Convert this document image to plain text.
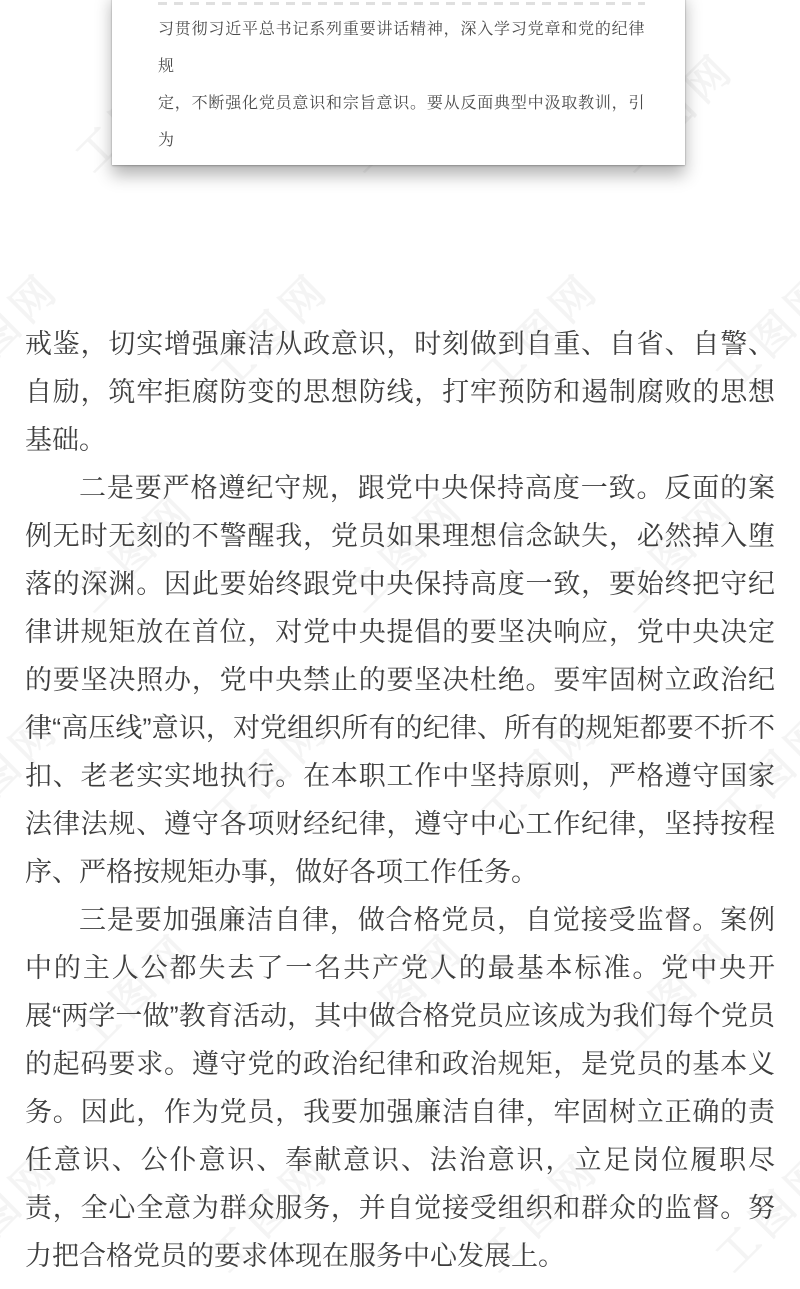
习贯彻习近平总书记系列重要讲话精神，深入学习党章和党的纪律规
定，不断强化党员意识和宗旨意识。要从反面典型中汲取教训，引为

戒鉴，切实增强廉洁从政意识，时刻做到自重、自省、自警、自励，筑牢拒腐防变的思想防线，打牢预防和遏制腐败的思想基础。

二是要严格遵纪守规，跟党中央保持高度一致。反面的案例无时无刻的不警醒我，党员如果理想信念缺失，必然掉入堕落的深渊。因此要始终跟党中央保持高度一致，要始终把守纪律讲规矩放在首位，对党中央提倡的要坚决响应，党中央决定的要坚决照办，党中央禁止的要坚决杜绝。要牢固树立政治纪律“高压线”意识，对党组织所有的纪律、所有的规矩都要不折不扣、老老实实地执行。在本职工作中坚持原则，严格遵守国家法律法规、遵守各项财经纪律，遵守中心工作纪律，坚持按程序、严格按规矩办事，做好各项工作任务。

三是要加强廉洁自律，做合格党员，自觉接受监督。案例中的主人公都失去了一名共产党人的最基本标准。党中央开展“两学一做”教育活动，其中做合格党员应该成为我们每个党员的起码要求。遵守党的政治纪律和政治规矩，是党员的基本义务。因此，作为党员，我要加强廉洁自律，牢固树立正确的责任意识、公仆意识、奉献意识、法治意识，立足岗位履职尽责，全心全意为群众服务，并自觉接受组织和群众的监督。努力把合格党员的要求体现在服务中心发展上。
